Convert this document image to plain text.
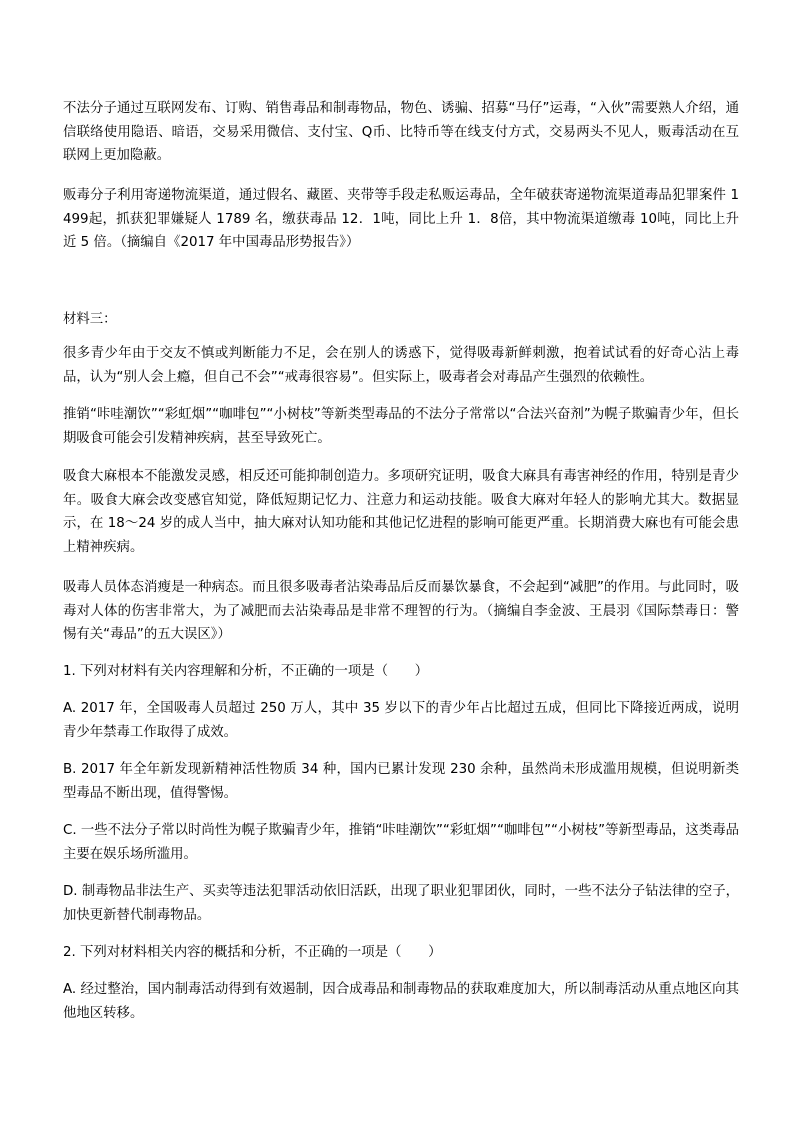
不法分子通过互联网发布、订购、销售毒品和制毒物品，物色、诱骗、招募“马仔”运毒，“入伙”需要熟人介绍，通信联络使用隐语、暗语，交易采用微信、支付宝、Q币、比特币等在线支付方式，交易两头不见人，贩毒活动在互联网上更加隐蔽。

贩毒分子利用寄递物流渠道，通过假名、藏匿、夹带等手段走私贩运毒品，全年破获寄递物流渠道毒品犯罪案件 1499起，抓获犯罪嫌疑人 1789 名，缴获毒品 12．1吨，同比上升 1．8倍，其中物流渠道缴毒 10吨，同比上升近 5 倍。（摘编自《2017 年中国毒品形势报告》）

材料三：

很多青少年由于交友不慎或判断能力不足，会在别人的诱惑下，觉得吸毒新鲜刺激，抱着试试看的好奇心沾上毒品，认为“别人会上瘾，但自己不会”“戒毒很容易”。但实际上，吸毒者会对毒品产生强烈的依赖性。

推销“咔哇潮饮”“彩虹烟”“咖啡包”“小树枝”等新类型毒品的不法分子常常以“合法兴奋剂”为幌子欺骗青少年，但长期吸食可能会引发精神疾病，甚至导致死亡。

吸食大麻根本不能激发灵感，相反还可能抑制创造力。多项研究证明，吸食大麻具有毒害神经的作用，特别是青少年。吸食大麻会改变感官知觉，降低短期记忆力、注意力和运动技能。吸食大麻对年轻人的影响尤其大。数据显示，在 18～24 岁的成人当中，抽大麻对认知功能和其他记忆进程的影响可能更严重。长期消费大麻也有可能会患上精神疾病。

吸毒人员体态消瘦是一种病态。而且很多吸毒者沾染毒品后反而暴饮暴食，不会起到“减肥”的作用。与此同时，吸毒对人体的伤害非常大，为了减肥而去沾染毒品是非常不理智的行为。（摘编自李金波、王晨羽《国际禁毒日：警惕有关“毒品”的五大误区》）

1. 下列对材料有关内容理解和分析，不正确的一项是（　　）

A. 2017 年，全国吸毒人员超过 250 万人，其中 35 岁以下的青少年占比超过五成，但同比下降接近两成，说明青少年禁毒工作取得了成效。

B. 2017 年全年新发现新精神活性物质 34 种，国内已累计发现 230 余种，虽然尚未形成滥用规模，但说明新类型毒品不断出现，值得警惕。

C. 一些不法分子常以时尚性为幌子欺骗青少年，推销“咔哇潮饮”“彩虹烟”“咖啡包”“小树枝”等新型毒品，这类毒品主要在娱乐场所滥用。

D. 制毒物品非法生产、买卖等违法犯罪活动依旧活跃，出现了职业犯罪团伙，同时，一些不法分子钻法律的空子，加快更新替代制毒物品。

2. 下列对材料相关内容的概括和分析，不正确的一项是（　　）

A. 经过整治，国内制毒活动得到有效遏制，因合成毒品和制毒物品的获取难度加大，所以制毒活动从重点地区向其他地区转移。
